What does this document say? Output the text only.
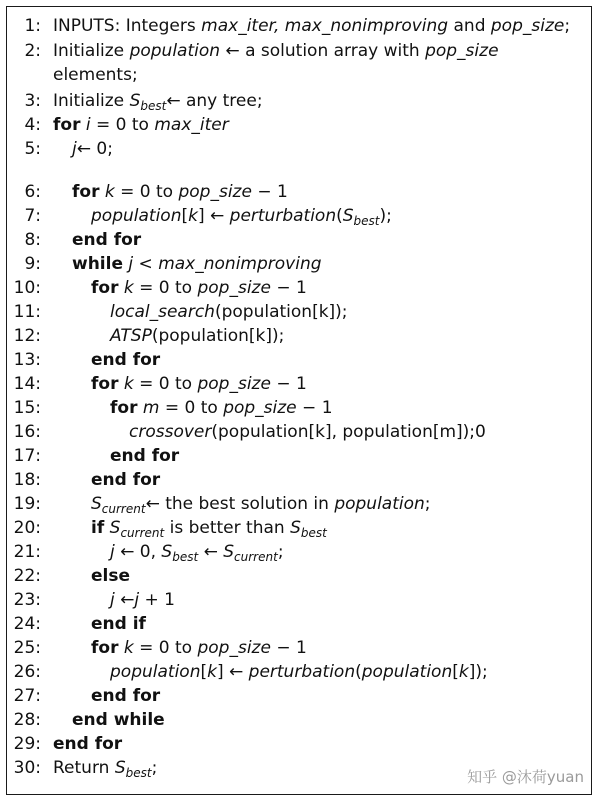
1: INPUTS: Integers max_iter, max_nonimproving and pop_size;
2: Initialize population ← a solution array with pop_size
elements;
3: Initialize $S_{best}\leftarrow$ any tree;
4: for i = 0 to max_iter
5: j← 0;
6: for k = 0 to pop_size − 1
7:	population[k] ← $perturbation(S_{best})$;
8: end for
9: while j < max_nonimproving
10:	for k = 0 to pop_size − 1
11:	local_search(population[k]);
12:	ATSP(population[k]);
13:	end for
14:	for k = 0 to pop_size − 1
15:	for m = 0 to pop_size − 1
16:	crossover(population[k], population[m]);0
17:	end for
18:	end for
19:	$S_{current}\leftarrow$ the best solution in population;
20:	if $S_{current}$ is better than $S_{best}$
21:	j ← 0, $S_{best}$ ← $S_{current}$;
22:	else
23:	j ←j + 1
24:	end if
25:	for k = 0 to pop_size − 1
26:	population[k] ← perturbation(population[k]);
27:	end for
28: end while
29: end for
30: Return $S_{best}$;	知乎 @沐荷yuan
